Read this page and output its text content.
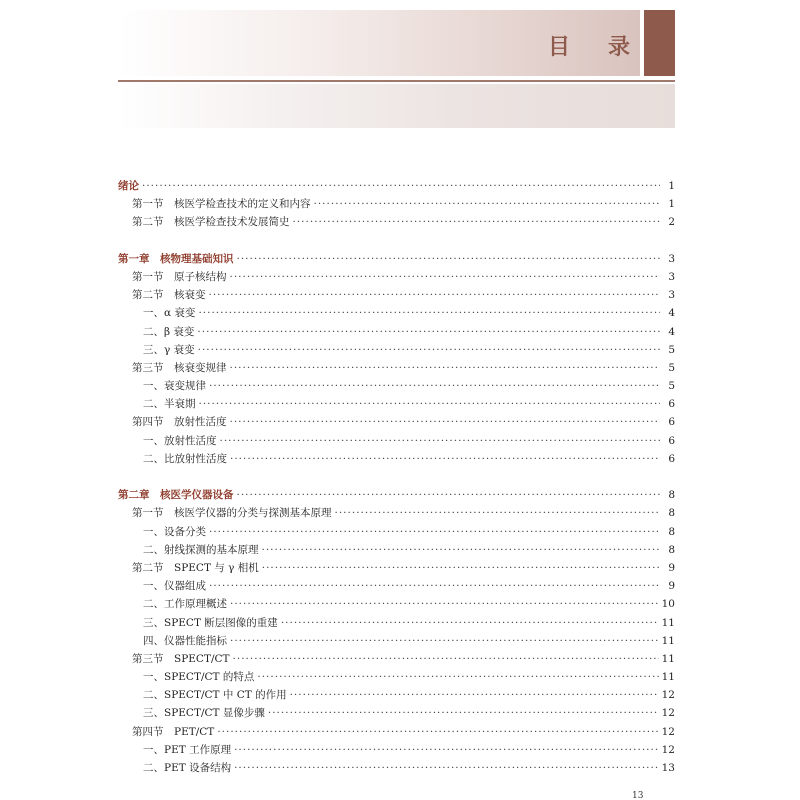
目录
绪论 ·····	1
第一节　核医学检查技术的定义和内容 ·····	1
第二节　核医学检查技术发展简史 ·····	2
第一章　核物理基础知识 ·····	3
第一节　原子核结构 ·····	3
第二节　核衰变 ·····	3
一、α 衰变 ·····	4
二、β 衰变 ·····	4
三、γ 衰变 ·····	5
第三节　核衰变规律 ·····	5
一、衰变规律 ·····	5
二、半衰期 ·····	6
第四节　放射性活度 ·····	6
一、放射性活度 ·····	6
二、比放射性活度 ·····	6
第二章　核医学仪器设备 ·····	8
第一节　核医学仪器的分类与探测基本原理 ·····	8
一、设备分类 ·····	8
二、射线探测的基本原理 ·····	8
第二节　SPECT 与 γ 相机 ·····	9
一、仪器组成 ·····	9
二、工作原理概述 ·····	10
三、SPECT 断层图像的重建 ·····	11
四、仪器性能指标 ·····	11
第三节　SPECT/CT ·····	11
一、SPECT/CT 的特点 ·····	11
二、SPECT/CT 中 CT 的作用 ·····	12
三、SPECT/CT 显像步骤 ·····	12
第四节　PET/CT ·····	12
一、PET 工作原理 ·····	12
二、PET 设备结构 ·····	13
13
